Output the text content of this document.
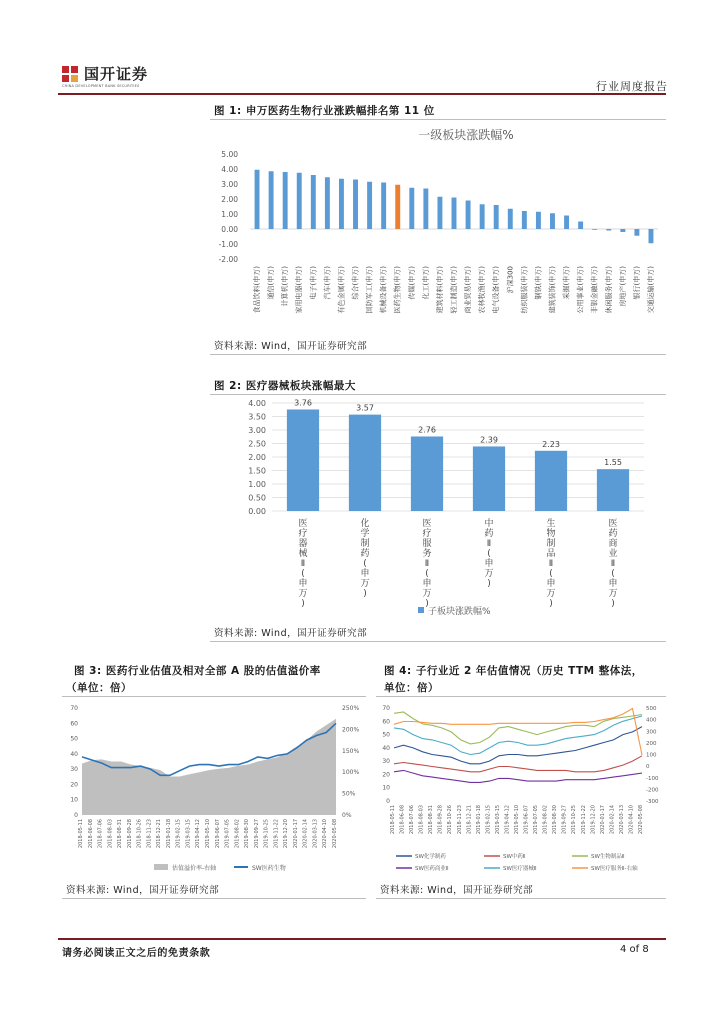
国开证券
CHINA DEVELOPMENT BANK SECURITIES	行业周度报告
图 1: 申万医药生物行业涨跌幅排名第 11 位
一级板块涨跌幅%
5.00
4.00
3.00
2.00
1.00
0.00
-1.00
-2.00
食品饮料(申万) 通信(申万) 计算机(申万) 家用电器(申万) 电子(申万) 汽车(申万) 有色金属(申万) 综合(申万) 国防军工(申万) 机械设备(申万) 医药生物(申万) 传媒(申万) 化工(申万) 建筑材料(申万) 轻工制造(申万) 商业贸易(申万) 农林牧渔(申万) 电气设备(申万) 沪深300 纺织服装(申万) 钢铁(申万) 建筑装饰(申万) 采掘(申万) 公用事业(申万) 非银金融(申万) 休闲服务(申万) 房地产(申万) 银行(申万) 交通运输(申万)
资料来源: Wind，国开证券研究部
图 2: 医疗器械板块涨幅最大
4.00
3.50
3.00
2.50
2.00
1.50
1.00
0.50
0.00
3.76
3.57
2.76
2.39	2.23
1.55
医疗器械 Ⅱ (申万)
化学制药(申万)
医疗服务 Ⅱ (申万)
中药 Ⅱ (申万)
生物制品 Ⅱ (申万)
医药商业 Ⅱ (申万)
子板块涨跌幅%
资料来源: Wind，国开证券研究部
图 3: 医药行业估值及相对全部 A 股的估值溢价率
（单位：倍）
70
60
50
40
30
20
10
0
250%
200%
150%
100%
50%
0%
2018-05-11 2018-06-08 2018-07-06 2018-08-03 2018-08-31 2018-09-28 2018-10-26 2018-11-23 2018-12-21 2019-01-18 2019-02-15 2019-03-15 2019-04-12 2019-05-10 2019-06-07 2019-07-05 2019-08-02 2019-08-30 2019-09-27 2019-10-25 2019-11-22 2019-12-20 2020-01-17 2020-02-14 2020-03-13 2020-04-10 2020-05-08
估值溢价率-右轴	SW医药生物
资料来源: Wind，国开证券研究部
图 4: 子行业近 2 年估值情况（历史 TTM 整体法，
单位：倍）
70
60
50
40
30
20
10
0
500
400
300
200
100
0
-100
-200
-300
2018-05-11 2018-06-08 2018-07-06 2018-08-03 2018-08-31 2018-09-28 2018-10-26 2018-11-23 2018-12-21 2019-01-18 2019-02-15 2019-03-15 2019-04-12 2019-05-10 2019-06-07 2019-07-05 2019-08-02 2019-08-30 2019-09-27 2019-10-25 2019-11-22 2019-12-20 2020-01-17 2020-02-14 2020-03-13 2020-04-10 2020-05-08
SW化学制药	SW中药Ⅱ	SW生物制品Ⅱ
SW医药商业Ⅱ	SW医疗器械Ⅱ	SW医疗服务Ⅱ-右轴
资料来源: Wind，国开证券研究部
请务必阅读正文之后的免责条款	4 of 8
